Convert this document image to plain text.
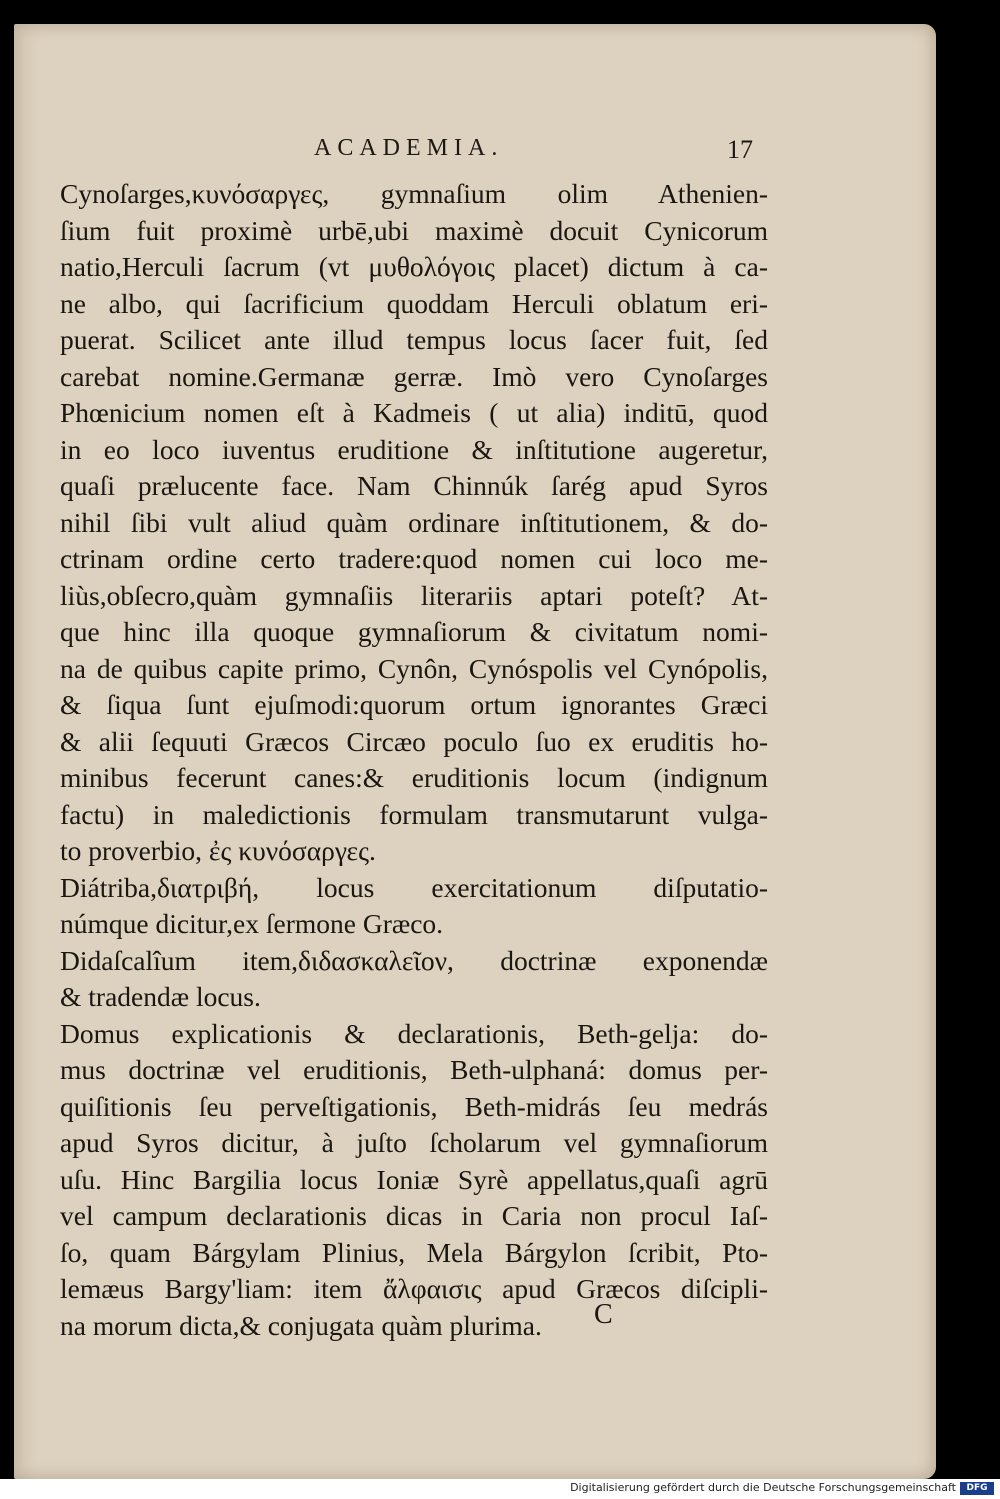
ACADEMIA.	17
Cynoſarges,κυνόσαργες, gymnaſium olim Athenien-
ſium fuit proximè urbē,ubi maximè docuit Cynicorum
natio,Herculi ſacrum (vt μυθολόγοις placet) dictum à ca-
ne albo, qui ſacrificium quoddam Herculi oblatum eri-
puerat. Scilicet ante illud tempus locus ſacer fuit, ſed
carebat nomine.Germanæ gerræ. Imò vero Cynoſarges
Phœnicium nomen eſt à Kadmeis ( ut alia) inditū, quod
in eo loco iuventus eruditione & inſtitutione augeretur,
quaſi prælucente face. Nam Chinnúk ſarég apud Syros
nihil ſibi vult aliud quàm ordinare inſtitutionem, & do-
ctrinam ordine certo tradere:quod nomen cui loco me-
liùs,obſecro,quàm gymnaſiis literariis aptari poteſt? At-
que hinc illa quoque gymnaſiorum & civitatum nomi-
na de quibus capite primo, Cynôn, Cynóspolis vel Cynópolis,
& ſiqua ſunt ejuſmodi:quorum ortum ignorantes Græci
& alii ſequuti Græcos Circæo poculo ſuo ex eruditis ho-
minibus fecerunt canes:& eruditionis locum (indignum
factu) in maledictionis formulam transmutarunt vulga-
to proverbio, ἐς κυνόσαργες.
Diátriba,διατριβή, locus exercitationum diſputatio-
númque dicitur,ex ſermone Græco.
Didaſcalîum item,διδασκαλεῖον, doctrinæ exponendæ
& tradendæ locus.
Domus explicationis & declarationis, Beth-gelja: do-
mus doctrinæ vel eruditionis, Beth-ulphaná: domus per-
quiſitionis ſeu perveſtigationis, Beth-midrás ſeu medrás
apud Syros dicitur, à juſto ſcholarum vel gymnaſiorum
uſu. Hinc Bargilia locus Ioniæ Syrè appellatus,quaſi agrū
vel campum declarationis dicas in Caria non procul Iaſ-
ſo, quam Bárgylam Plinius, Mela Bárgylon ſcribit, Pto-
lemæus Bargy'liam: item ἄλφαισις apud Græcos diſcipli-
na morum dicta,& conjugata quàm plurima.	C
Digitalisierung gefördert durch die Deutsche Forschungsgemeinschaft	DFG
